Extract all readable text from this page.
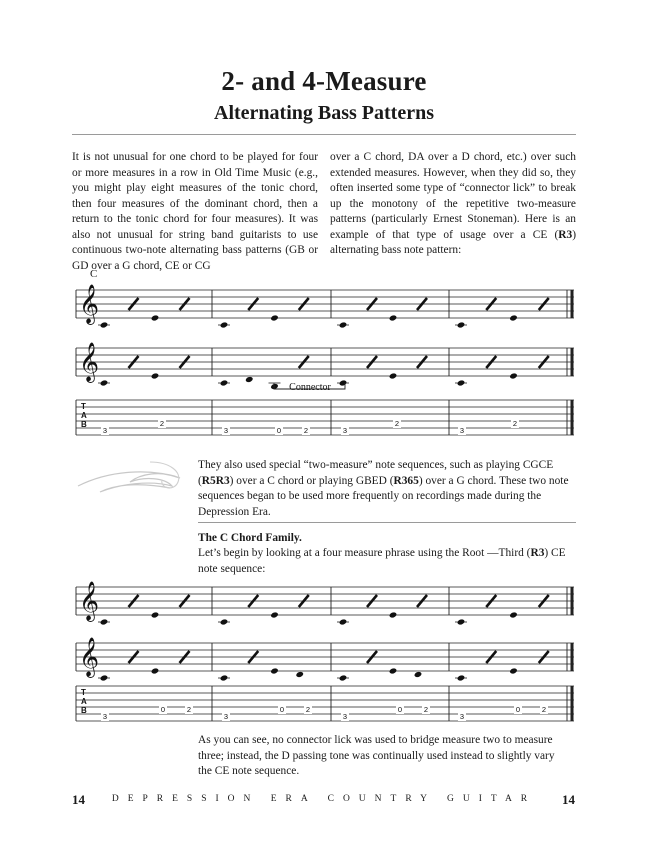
2- and 4-Measure
Alternating Bass Patterns

It is not unusual for one chord to be played for four or more measures in a row in Old Time Music (e.g., you might play eight measures of the tonic chord, then four measures of the dominant chord, then a return to the tonic chord for four measures). It was also not unusual for string band guitarists to use continuous two-note alternating bass patterns (GB or GD over a G chord, CE or CG

over a C chord, DA over a D chord, etc.) over such extended measures. However, when they did so, they often inserted some type of “connector lick” to break up the monotony of the repetitive two-measure patterns (particularly Ernest Stoneman). Here is an example of that type of usage over a CE (R3) alternating bass note pattern:

C

They also used special “two-measure” note sequences, such as playing CGCE (R5R3) over a C chord or playing GBED (R365) over a G chord. These two note sequences began to be used more frequently on recordings made during the Depression Era.

The C Chord Family.

Let’s begin by looking at a four measure phrase using the Root —Third (R3) CE note sequence:

As you can see, no connector lick was used to bridge measure two to measure three; instead, the D passing tone was continually used instead to slightly vary the CE note sequence.
14	DEPRESSION ERA COUNTRY GUITAR 14
𝄞
𝄞
Connector
T
A
B
3
2
3	0	2	3
2
3
2
𝄞
𝄞
T
A
B
3
0	2
3
0	2
3
0	2
3
0	2
